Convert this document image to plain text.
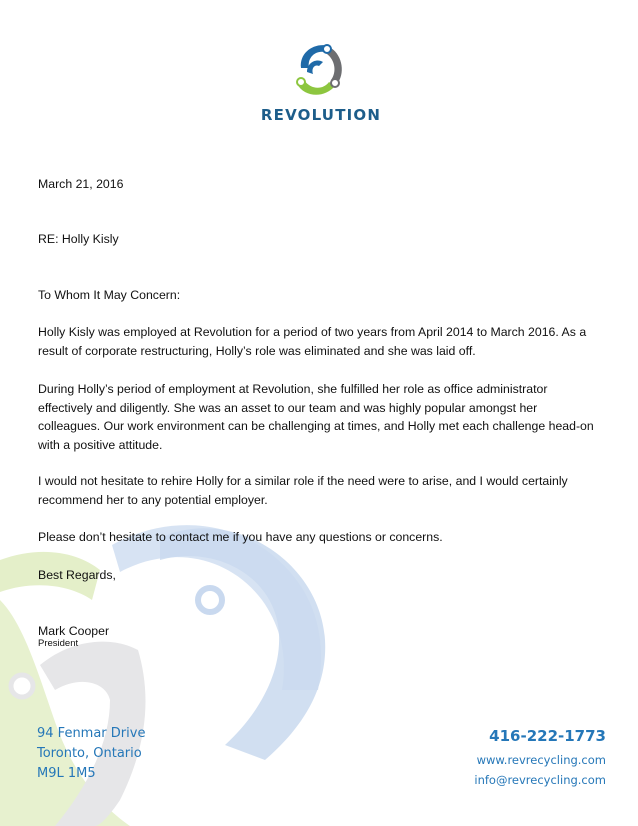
REVOLUTION

March 21, 2016

RE: Holly Kisly

To Whom It May Concern:

Holly Kisly was employed at Revolution for a period of two years from April 2014 to March 2016. As a result of corporate restructuring, Holly’s role was eliminated and she was laid off.

During Holly’s period of employment at Revolution, she fulfilled her role as office administrator effectively and diligently. She was an asset to our team and was highly popular amongst her colleagues. Our work environment can be challenging at times, and Holly met each challenge head-on with a positive attitude.

I would not hesitate to rehire Holly for a similar role if the need were to arise, and I would certainly recommend her to any potential employer.

Please don’t hesitate to contact me if you have any questions or concerns.

Best Regards,

Mark Cooper

President

94 Fenmar Drive
Toronto, Ontario
M9L 1M5
416-222-1773
www.revrecycling.com
info@revrecycling.com
